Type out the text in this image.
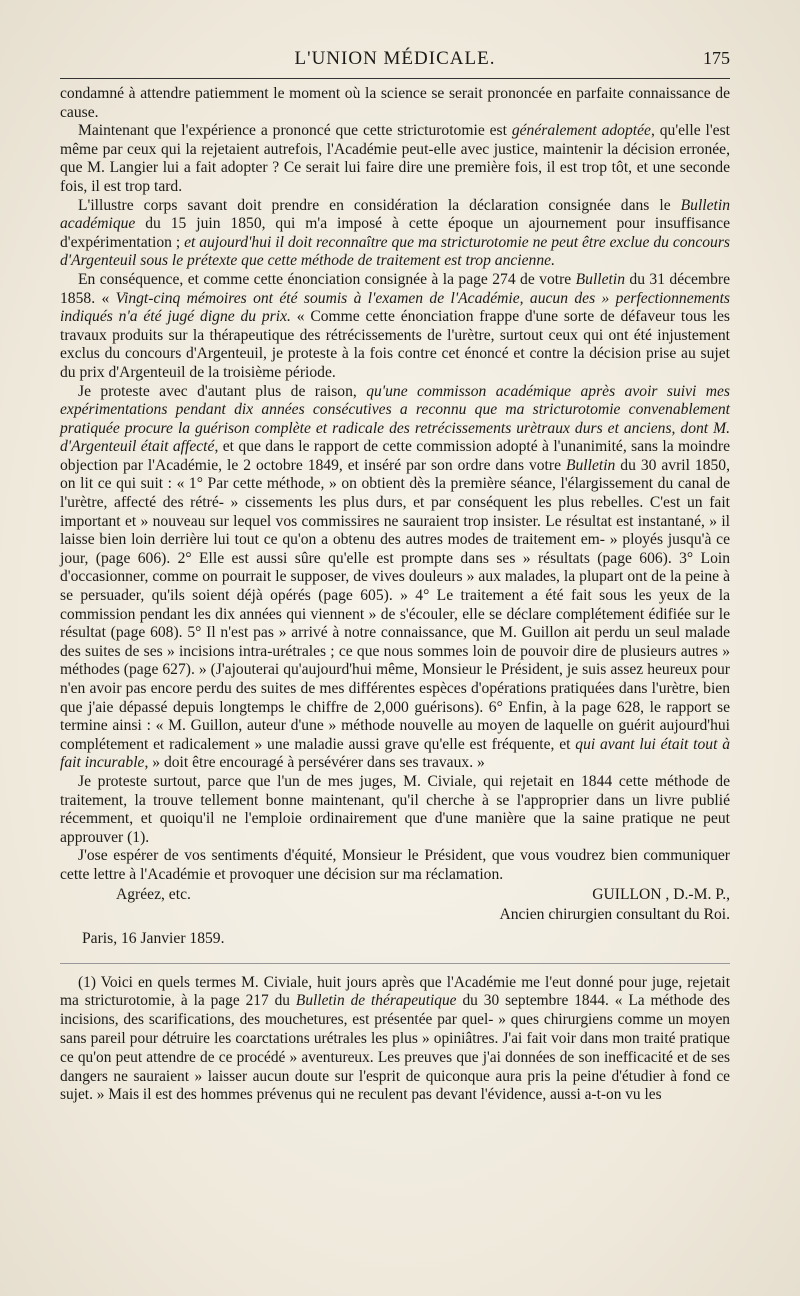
L'UNION MÉDICALE.	175

condamné à attendre patiemment le moment où la science se serait prononcée en parfaite connaissance de cause.

Maintenant que l'expérience a prononcé que cette stricturotomie est généralement adoptée, qu'elle l'est même par ceux qui la rejetaient autrefois, l'Académie peut-elle avec justice, maintenir la décision erronée, que M. Langier lui a fait adopter ? Ce serait lui faire dire une première fois, il est trop tôt, et une seconde fois, il est trop tard.

L'illustre corps savant doit prendre en considération la déclaration consignée dans le Bulletin académique du 15 juin 1850, qui m'a imposé à cette époque un ajournement pour insuffisance d'expérimentation ; et aujourd'hui il doit reconnaître que ma stricturotomie ne peut être exclue du concours d'Argenteuil sous le prétexte que cette méthode de traitement est trop ancienne.

En conséquence, et comme cette énonciation consignée à la page 274 de votre Bulletin du 31 décembre 1858. « Vingt-cinq mémoires ont été soumis à l'examen de l'Académie, aucun des » perfectionnements indiqués n'a été jugé digne du prix. « Comme cette énonciation frappe d'une sorte de défaveur tous les travaux produits sur la thérapeutique des rétrécissements de l'urètre, surtout ceux qui ont été injustement exclus du concours d'Argenteuil, je proteste à la fois contre cet énoncé et contre la décision prise au sujet du prix d'Argenteuil de la troisième période.

Je proteste avec d'autant plus de raison, qu'une commisson académique après avoir suivi mes expérimentations pendant dix années consécutives a reconnu que ma stricturotomie convenablement pratiquée procure la guérison complète et radicale des retrécissements urètraux durs et anciens, dont M. d'Argenteuil était affecté, et que dans le rapport de cette commission adopté à l'unanimité, sans la moindre objection par l'Académie, le 2 octobre 1849, et inséré par son ordre dans votre Bulletin du 30 avril 1850, on lit ce qui suit : « 1° Par cette méthode, » on obtient dès la première séance, l'élargissement du canal de l'urètre, affecté des rétré- » cissements les plus durs, et par conséquent les plus rebelles. C'est un fait important et » nouveau sur lequel vos commissires ne sauraient trop insister. Le résultat est instantané, » il laisse bien loin derrière lui tout ce qu'on a obtenu des autres modes de traitement em- » ployés jusqu'à ce jour, (page 606). 2° Elle est aussi sûre qu'elle est prompte dans ses » résultats (page 606). 3° Loin d'occasionner, comme on pourrait le supposer, de vives douleurs » aux malades, la plupart ont de la peine à se persuader, qu'ils soient déjà opérés (page 605). » 4° Le traitement a été fait sous les yeux de la commission pendant les dix années qui viennent » de s'écouler, elle se déclare complétement édifiée sur le résultat (page 608). 5° Il n'est pas » arrivé à notre connaissance, que M. Guillon ait perdu un seul malade des suites de ses » incisions intra-urétrales ; ce que nous sommes loin de pouvoir dire de plusieurs autres » méthodes (page 627). » (J'ajouterai qu'aujourd'hui même, Monsieur le Président, je suis assez heureux pour n'en avoir pas encore perdu des suites de mes différentes espèces d'opérations pratiquées dans l'urètre, bien que j'aie dépassé depuis longtemps le chiffre de 2,000 guérisons). 6° Enfin, à la page 628, le rapport se termine ainsi : « M. Guillon, auteur d'une » méthode nouvelle au moyen de laquelle on guérit aujourd'hui complétement et radicalement » une maladie aussi grave qu'elle est fréquente, et qui avant lui était tout à fait incurable, » doit être encouragé à persévérer dans ses travaux. »

Je proteste surtout, parce que l'un de mes juges, M. Civiale, qui rejetait en 1844 cette méthode de traitement, la trouve tellement bonne maintenant, qu'il cherche à se l'approprier dans un livre publié récemment, et quoiqu'il ne l'emploie ordinairement que d'une manière que la saine pratique ne peut approuver (1).

J'ose espérer de vos sentiments d'équité, Monsieur le Président, que vous voudrez bien communiquer cette lettre à l'Académie et provoquer une décision sur ma réclamation.

Agréez, etc.	GUILLON , D.-M. P.,
Ancien chirurgien consultant du Roi.
Paris, 16 Janvier 1859.

(1) Voici en quels termes M. Civiale, huit jours après que l'Académie me l'eut donné pour juge, rejetait ma stricturotomie, à la page 217 du Bulletin de thérapeutique du 30 septembre 1844. « La méthode des incisions, des scarifications, des mouchetures, est présentée par quel- » ques chirurgiens comme un moyen sans pareil pour détruire les coarctations urétrales les plus » opiniâtres. J'ai fait voir dans mon traité pratique ce qu'on peut attendre de ce procédé » aventureux. Les preuves que j'ai données de son inefficacité et de ses dangers ne sauraient » laisser aucun doute sur l'esprit de quiconque aura pris la peine d'étudier à fond ce sujet. » Mais il est des hommes prévenus qui ne reculent pas devant l'évidence, aussi a-t-on vu les
